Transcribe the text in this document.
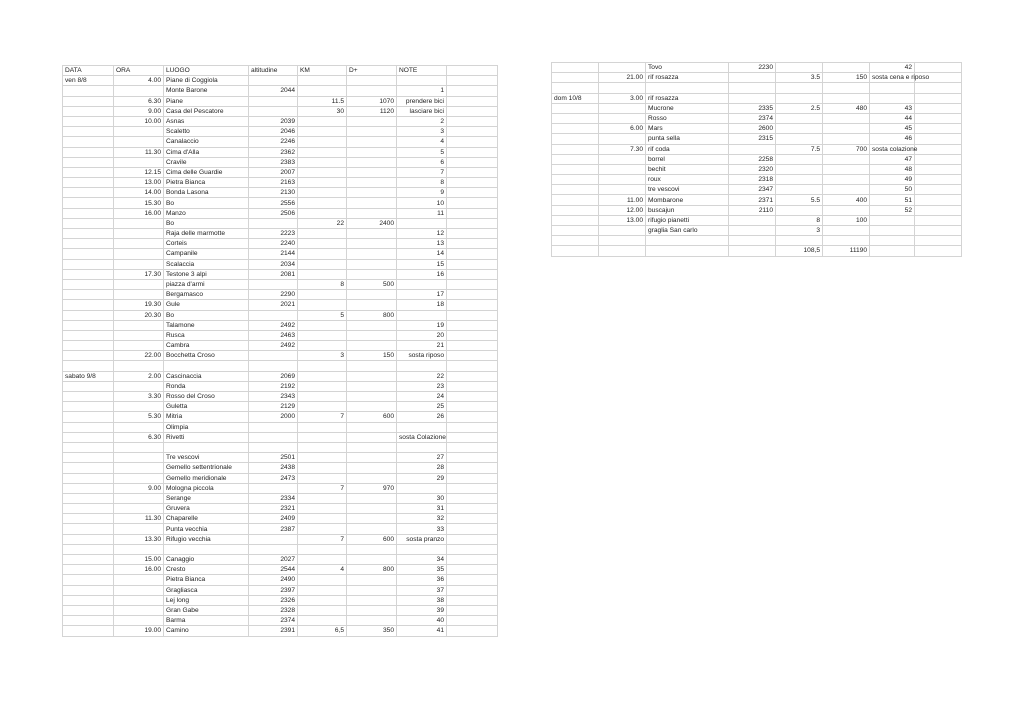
DATA	ORA	LUOGO	altitudine	KM	D+	NOTE	
ven 8/8	4.00	Piane di Coggiola					
		Monte Barone	2044			1	
	6.30	Piane		11.5	1070	prendere bici	
	9.00	Casa del Pescatore		30	1120	lasciare bici	
	10.00	Asnas	2039			2	
		Scaletto	2046			3	
		Canalaccio	2246			4	
	11.30	Cima d'Alla	2362			5	
		Cravile	2383			6	
	12.15	Cima delle Guardie	2007			7	
	13.00	Pietra Bianca	2163			8	
	14.00	Bonda Lasona	2130			9	
	15.30	Bo	2556			10	
	16.00	Manzo	2506			11	
		Bo		22	2400		
		Raja delle marmotte	2223			12	
		Corteis	2240			13	
		Campanile	2144			14	
		Scalaccia	2034			15	
	17.30	Testone 3 alpi	2081			16	
		piazza d'armi		8	500		
		Bergamasco	2290			17	
	19.30	Gule	2021			18	
	20.30	Bo		5	800		
		Talamone	2492			19	
		Rusca	2463			20	
		Cambra	2492			21	
	22.00	Bocchetta Croso		3	150	sosta riposo	

sabato 9/8	2.00	Cascinaccia	2069			22	
		Ronda	2192			23	
	3.30	Rosso del Croso	2343			24	
		Guletta	2129			25	
	5.30	Mitria	2000	7	600	26	
		Olimpia					
	6.30	Rivetti				sosta Colazione	

		Tre vescovi	2501			27	
		Gemello settentrionale	2438			28	
		Gemello meridionale	2473			29	
	9.00	Mologna piccola		7	970		
		Serange	2334			30	
		Gruvera	2321			31	
	11.30	Chaparelle	2409			32	
		Punta vecchia	2387			33	
	13.30	Rifugio vecchia		7	600	sosta pranzo	

	15.00	Canaggio	2027			34	
	16.00	Cresto	2544	4	800	35	
		Pietra Bianca	2490			36	
		Gragliasca	2397			37	
		Lej long	2326			38	
		Gran Gabe	2328			39	
		Barma	2374			40	
	19.00	Camino	2391	6,5	350	41	
		Tovo	2230			42	
	21.00	rif rosazza		3.5	150	sosta cena e riposo	

dom 10/8	3.00	rif rosazza					
		Mucrone	2335	2.5	480	43	
		Rosso	2374			44	
	6.00	Mars	2600			45	
		punta sella	2315			46	
	7.30	rif coda		7.5	700	sosta colazione	
		borrel	2258			47	
		bechit	2320			48	
		roux	2318			49	
		tre vescovi	2347			50	
	11.00	Mombarone	2371	5.5	400	51	
	12.00	buscajun	2110			52	
	13.00	rifugio pianetti		8	100		
		graglia San carlo		3			

				108,5	11190		
